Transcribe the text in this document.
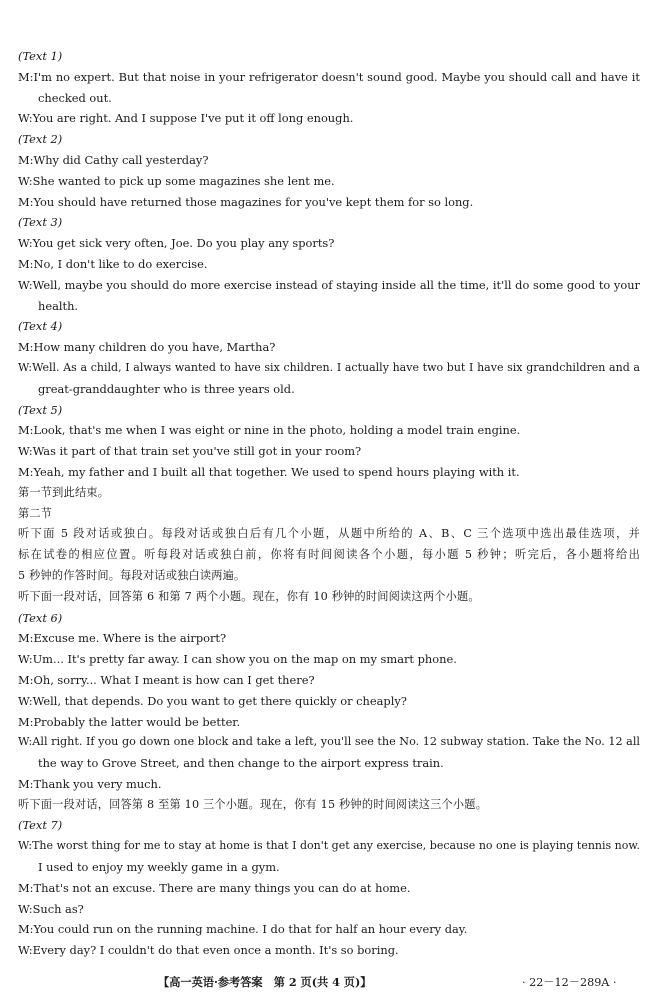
(Text 1)
M: I'm no expert. But that noise in your refrigerator doesn't sound good. Maybe you should call and have it
checked out.
W: You are right. And I suppose I've put it off long enough.
(Text 2)
M: Why did Cathy call yesterday?
W: She wanted to pick up some magazines she lent me.
M: You should have returned those magazines for you've kept them for so long.
(Text 3)
W: You get sick very often, Joe. Do you play any sports?
M: No, I don't like to do exercise.
W: Well, maybe you should do more exercise instead of staying inside all the time, it'll do some good to your
health.
(Text 4)
M: How many children do you have, Martha?
W: Well. As a child, I always wanted to have six children. I actually have two but I have six grandchildren and a
great-granddaughter who is three years old.
(Text 5)
M: Look, that's me when I was eight or nine in the photo, holding a model train engine.
W: Was it part of that train set you've still got in your room?
M: Yeah, my father and I built all that together. We used to spend hours playing with it.
第一节到此结束。
第二节
听下面 5 段对话或独白。每段对话或独白后有几个小题，从题中所给的 A、B、C 三个选项中选出最佳选项，并
标在试卷的相应位置。听每段对话或独白前，你将有时间阅读各个小题，每小题 5 秒钟；听完后，各小题将给出
5 秒钟的作答时间。每段对话或独白读两遍。
听下面一段对话，回答第 6 和第 7 两个小题。现在，你有 10 秒钟的时间阅读这两个小题。
(Text 6)
M: Excuse me. Where is the airport?
W: Um... It's pretty far away. I can show you on the map on my smart phone.
M: Oh, sorry... What I meant is how can I get there?
W: Well, that depends. Do you want to get there quickly or cheaply?
M: Probably the latter would be better.
W: All right. If you go down one block and take a left, you'll see the No. 12 subway station. Take the No. 12 all
the way to Grove Street, and then change to the airport express train.
M: Thank you very much.
听下面一段对话，回答第 8 至第 10 三个小题。现在，你有 15 秒钟的时间阅读这三个小题。
(Text 7)
W: The worst thing for me to stay at home is that I don't get any exercise, because no one is playing tennis now.
I used to enjoy my weekly game in a gym.
M: That's not an excuse. There are many things you can do at home.
W: Such as?
M: You could run on the running machine. I do that for half an hour every day.
W: Every day? I couldn't do that even once a month. It's so boring.
【高一英语·参考答案　第 2 页(共 4 页)】	· 22－12－289A ·
